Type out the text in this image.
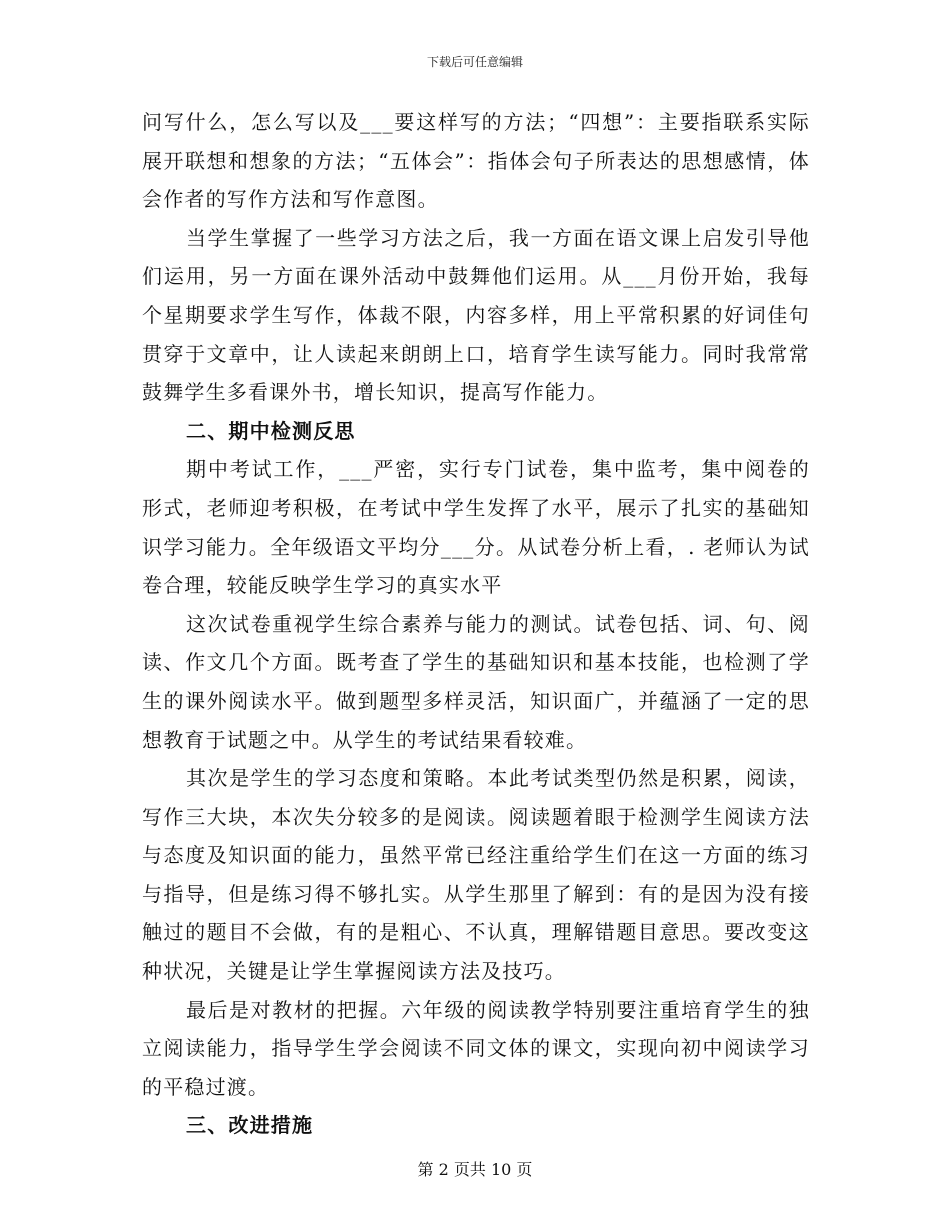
下载后可任意编辑

问写什么，怎么写以及___要这样写的方法；“四想”：主要指联系实际展开联想和想象的方法；“五体会”：指体会句子所表达的思想感情，体会作者的写作方法和写作意图。

当学生掌握了一些学习方法之后，我一方面在语文课上启发引导他们运用，另一方面在课外活动中鼓舞他们运用。从___月份开始，我每个星期要求学生写作，体裁不限，内容多样，用上平常积累的好词佳句贯穿于文章中，让人读起来朗朗上口，培育学生读写能力。同时我常常鼓舞学生多看课外书，增长知识，提高写作能力。

二、期中检测反思

期中考试工作，___严密，实行专门试卷，集中监考，集中阅卷的形式，老师迎考积极，在考试中学生发挥了水平，展示了扎实的基础知识学习能力。全年级语文平均分___分。从试卷分析上看，. 老师认为试卷合理，较能反映学生学习的真实水平

这次试卷重视学生综合素养与能力的测试。试卷包括、词、句、阅读、作文几个方面。既考查了学生的基础知识和基本技能，也检测了学生的课外阅读水平。做到题型多样灵活，知识面广，并蕴涵了一定的思想教育于试题之中。从学生的考试结果看较难。

其次是学生的学习态度和策略。本此考试类型仍然是积累，阅读，写作三大块，本次失分较多的是阅读。阅读题着眼于检测学生阅读方法与态度及知识面的能力，虽然平常已经注重给学生们在这一方面的练习与指导，但是练习得不够扎实。从学生那里了解到：有的是因为没有接触过的题目不会做，有的是粗心、不认真，理解错题目意思。要改变这种状况，关键是让学生掌握阅读方法及技巧。

最后是对教材的把握。六年级的阅读教学特别要注重培育学生的独立阅读能力，指导学生学会阅读不同文体的课文，实现向初中阅读学习的平稳过渡。

三、改进措施

第 2 页共 10 页
